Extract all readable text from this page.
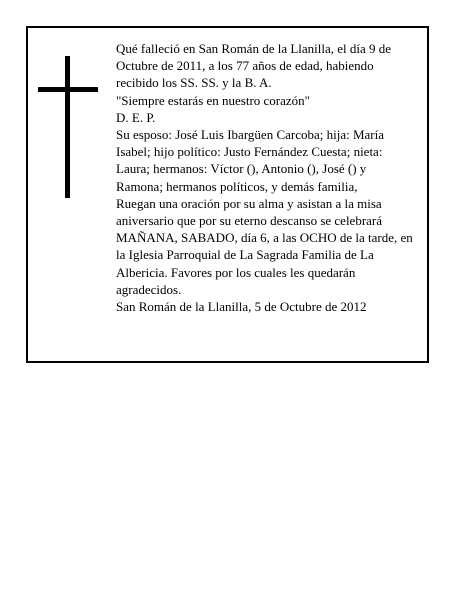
Qué falleció en San Román de la Llanilla, el día 9 de Octubre de 2011, a los 77 años de edad, habiendo recibido los SS. SS. y la B. A.

"Siempre estarás en nuestro corazón"

D. E. P.

Su esposo: José Luis Ibargüen Carcoba; hija: María Isabel; hijo político: Justo Fernández Cuesta; nieta: Laura; hermanos: Víctor (), Antonio (), José () y Ramona; hermanos políticos, y demás familia,

Ruegan una oración por su alma y asistan a la misa aniversario que por su eterno descanso se celebrará MAÑANA, SABADO, día 6, a las OCHO de la tarde, en la Iglesia Parroquial de La Sagrada Familia de La Albericia. Favores por los cuales les quedarán agradecidos.

San Román de la Llanilla, 5 de Octubre de 2012
